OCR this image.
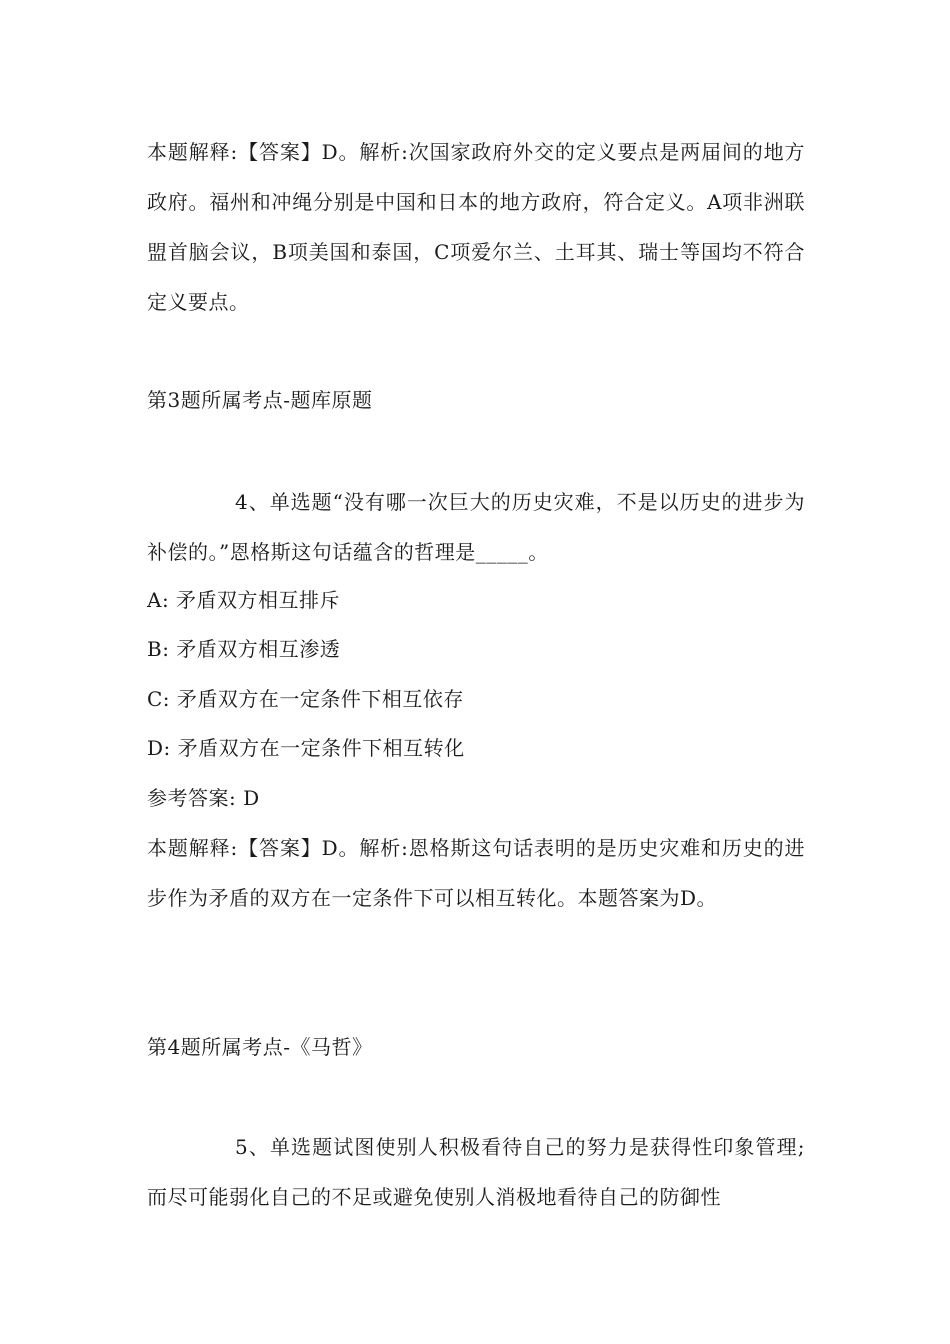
本题解释:【答案】D。解析:次国家政府外交的定义要点是两届间的地方政府。福州和冲绳分别是中国和日本的地方政府，符合定义。A项非洲联盟首脑会议，B项美国和泰国，C项爱尔兰、土耳其、瑞士等国均不符合定义要点。

第3题所属考点-题库原题

4、单选题“没有哪一次巨大的历史灾难，不是以历史的进步为补偿的。”恩格斯这句话蕴含的哲理是_____。

A: 矛盾双方相互排斥

B: 矛盾双方相互渗透

C: 矛盾双方在一定条件下相互依存

D: 矛盾双方在一定条件下相互转化

参考答案: D

本题解释:【答案】D。解析:恩格斯这句话表明的是历史灾难和历史的进步作为矛盾的双方在一定条件下可以相互转化。本题答案为D。

第4题所属考点-《马哲》

5、单选题试图使别人积极看待自己的努力是获得性印象管理;而尽可能弱化自己的不足或避免使别人消极地看待自己的防御性
